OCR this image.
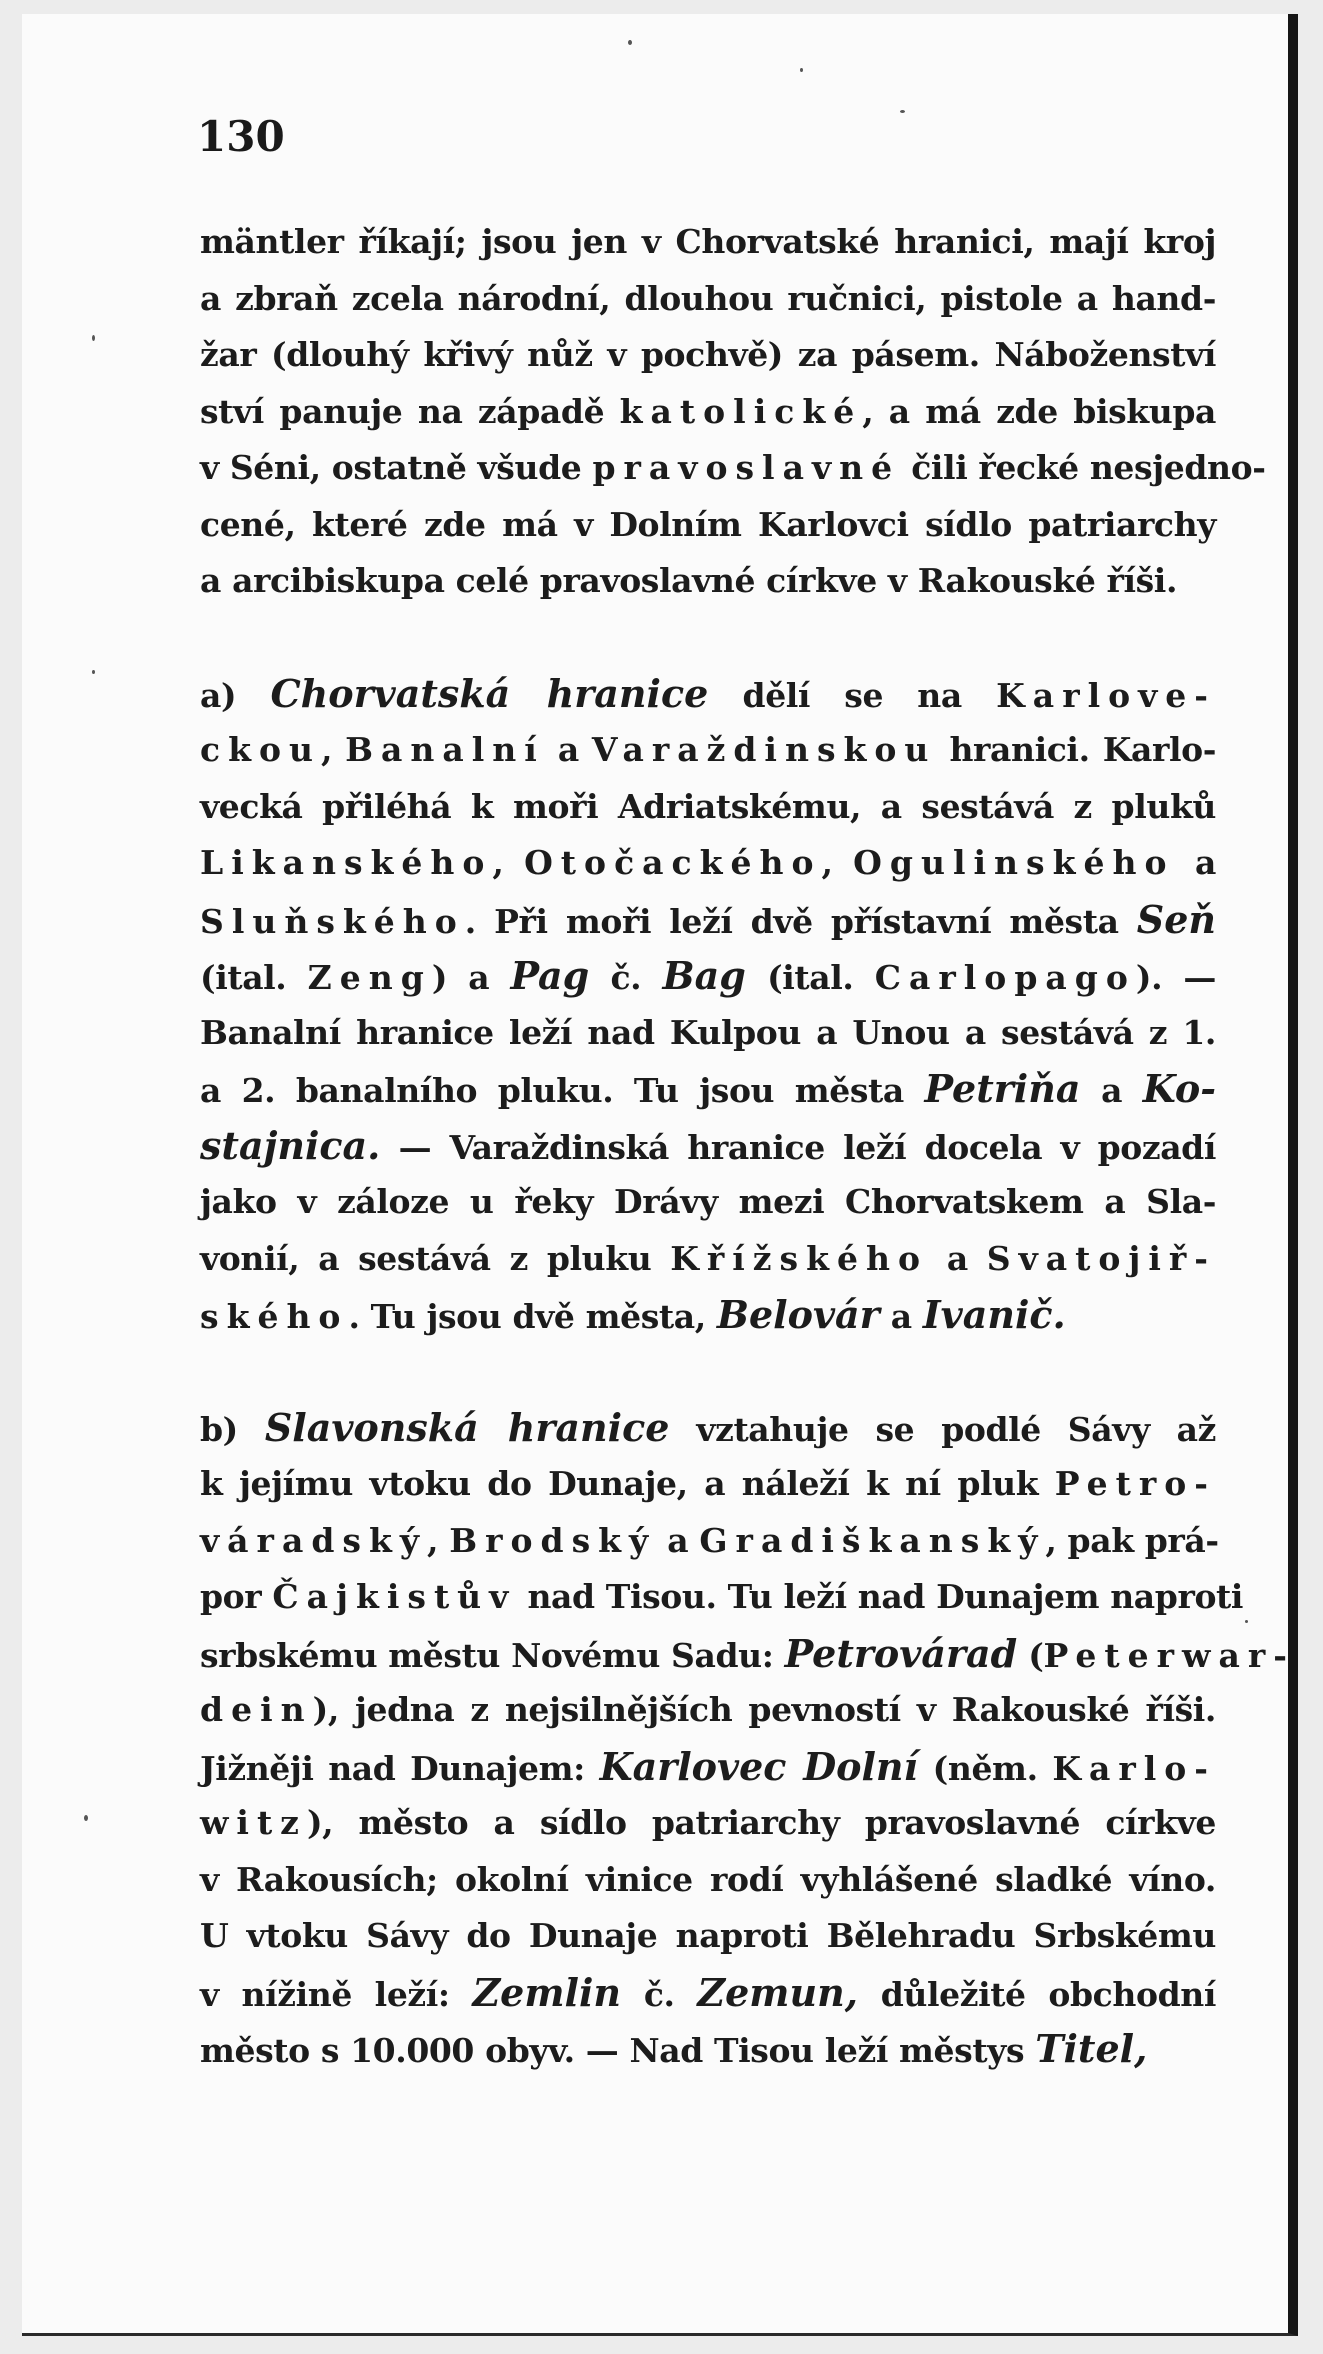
130

mäntler říkají; jsou jen v Chorvatské hranici, mají kroj
a zbraň zcela národní, dlouhou ručnici, pistole a hand-
žar (dlouhý křivý nůž v pochvě) za pásem. Náboženství
ství panuje na západě katolické, a má zde biskupa
v Séni, ostatně všude pravoslavné čili řecké nesjedno-
cené, které zde má v Dolním Karlovci sídlo patriarchy
a arcibiskupa celé pravoslavné církve v Rakouské říši.
a) Chorvatská hranice dělí se na Karlove-
ckou, Banalní a Varaždinskou hranici. Karlo-
vecká přiléhá k moři Adriatskému, a sestává z pluků
Likanského, Otočackého, Ogulinského a
Sluňského. Při moři leží dvě přístavní města Seň
(ital. Zeng) a Pag č. Bag (ital. Carlopago). —
Banalní hranice leží nad Kulpou a Unou a sestává z 1.
a 2. banalního pluku. Tu jsou města Petriňa a Ko-
stajnica. — Varaždinská hranice leží docela v pozadí
jako v záloze u řeky Drávy mezi Chorvatskem a Sla-
vonií, a sestává z pluku Křížského a Svatojiř-
ského. Tu jsou dvě města, Belovár a Ivanič.
b) Slavonská hranice vztahuje se podlé Sávy až
k jejímu vtoku do Dunaje, a náleží k ní pluk Petro-
váradský, Brodský a Gradiškanský, pak prá-
por Čajkistův nad Tisou. Tu leží nad Dunajem naproti
srbskému městu Novému Sadu: Petrovárad (Peterwar-
dein), jedna z nejsilnějších pevností v Rakouské říši.
Jižněji nad Dunajem: Karlovec Dolní (něm. Karlo-
witz), město a sídlo patriarchy pravoslavné církve
v Rakousích; okolní vinice rodí vyhlášené sladké víno.
U vtoku Sávy do Dunaje naproti Bělehradu Srbskému
v nížině leží: Zemlin č. Zemun, důležité obchodní
město s 10.000 obyv. — Nad Tisou leží městys Titel,
